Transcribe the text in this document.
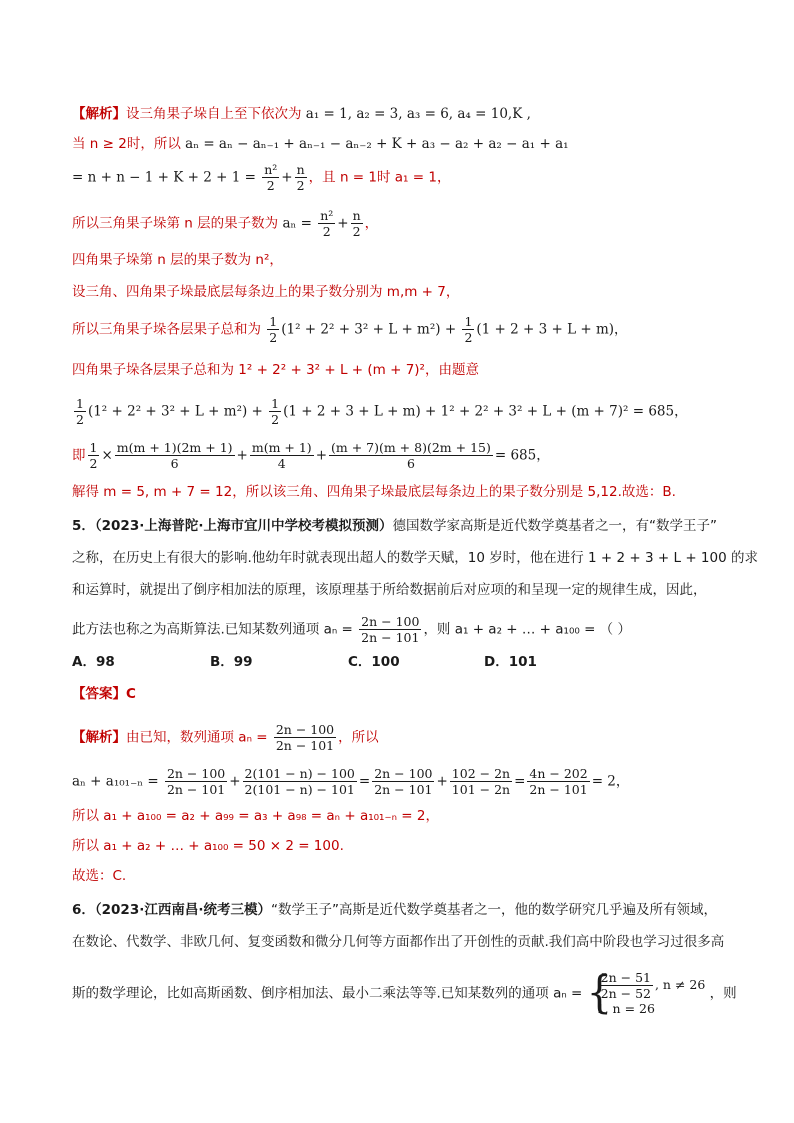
【解析】设三角果子垛自上至下依次为 a₁ = 1, a₂ = 3, a₃ = 6, a₄ = 10,K ,
当 n ≥ 2时，所以 aₙ = aₙ − aₙ₋₁ + aₙ₋₁ − aₙ₋₂ + K + a₃ − a₂ + a₂ − a₁ + a₁
= $n + n - 1 + K + 2 + 1 = \frac{\text{n²}}{2} + \frac{n}{2}$ ，且 n = 1时 a₁ = 1，
所以三角果子垛第 n 层的果子数为 $a_n = \frac{\text{n²}}{2} + \frac{n}{2}$ ，
四角果子垛第 n 层的果子数为 n²，
设三角、四角果子垛最底层每条边上的果子数分别为 m,m + 7，
所以三角果子垛各层果子总和为 $\frac{1}{2} (1^2 + 2^2 + 3^2 + L + m^2) + \frac{1}{2} (1 + 2 + 3 + L + m)$，
四角果子垛各层果子总和为 1² + 2² + 3² + L + (m + 7)²，由题意
$\frac{1}{2} (1^2 + 2^2 + 3^2 + L + m^2) + \frac{1}{2} (1 + 2 + 3 + L + m) + 1^2 + 2^2 + 3^2 + L + (m + 7)^2 = 685$，
即 $\frac{1}{2} \times \frac{m(m + 1)(2m + 1)}{6} + \frac{m(m + 1)}{4} + \frac{(m + 7)(m + 8)(2m + 15)}{6} = 685$，
解得 m = 5, m + 7 = 12，所以该三角、四角果子垛最底层每条边上的果子数分别是 5,12.故选：B.
5．（2023·上海普陀·上海市宜川中学校考模拟预测）德国数学家高斯是近代数学奠基者之一，有“数学王子”
之称，在历史上有很大的影响.他幼年时就表现出超人的数学天赋，10 岁时，他在进行 1 + 2 + 3 + L + 100 的求
和运算时，就提出了倒序相加法的原理，该原理基于所给数据前后对应项的和呈现一定的规律生成，因此，
此方法也称之为高斯算法.已知某数列通项 $a_n = \frac{2n - 100}{2n - 101}$ ，则 a₁ + a₂ + … + a₁₀₀ = （ ）
A．98	B．99	C．100	D．101
【答案】C
【解析】由已知，数列通项 $a_n = \frac{2n - 100}{2n - 101}$ ，所以
$a_n + a_{101-n} = \frac{2n - 100}{2n - 101} + \frac{2(101 - n) - 100}{2(101 - n) - 101} = \frac{2n - 100}{2n - 101} + \frac{102 - 2n}{101 - 2n} = \frac{4n - 202}{2n - 101} = 2$，
所以 a₁ + a₁₀₀ = a₂ + a₉₉ = a₃ + a₉₈ = aₙ + a₁₀₁₋ₙ = 2，
所以 a₁ + a₂ + … + a₁₀₀ = 50 × 2 = 100.
故选：C.
6．（2023·江西南昌·统考三模）“数学王子”高斯是近代数学奠基者之一，他的数学研究几乎遍及所有领域，
在数论、代数学、非欧几何、复变函数和微分几何等方面都作出了开创性的贡献.我们高中阶段也学习过很多高
斯的数学理论，比如高斯函数、倒序相加法、最小二乘法等等.已知某数列的通项 aₙ = {
$\frac{2n - 51}{2n - 52}$ , n ≠ 26
1, n = 26
，则
